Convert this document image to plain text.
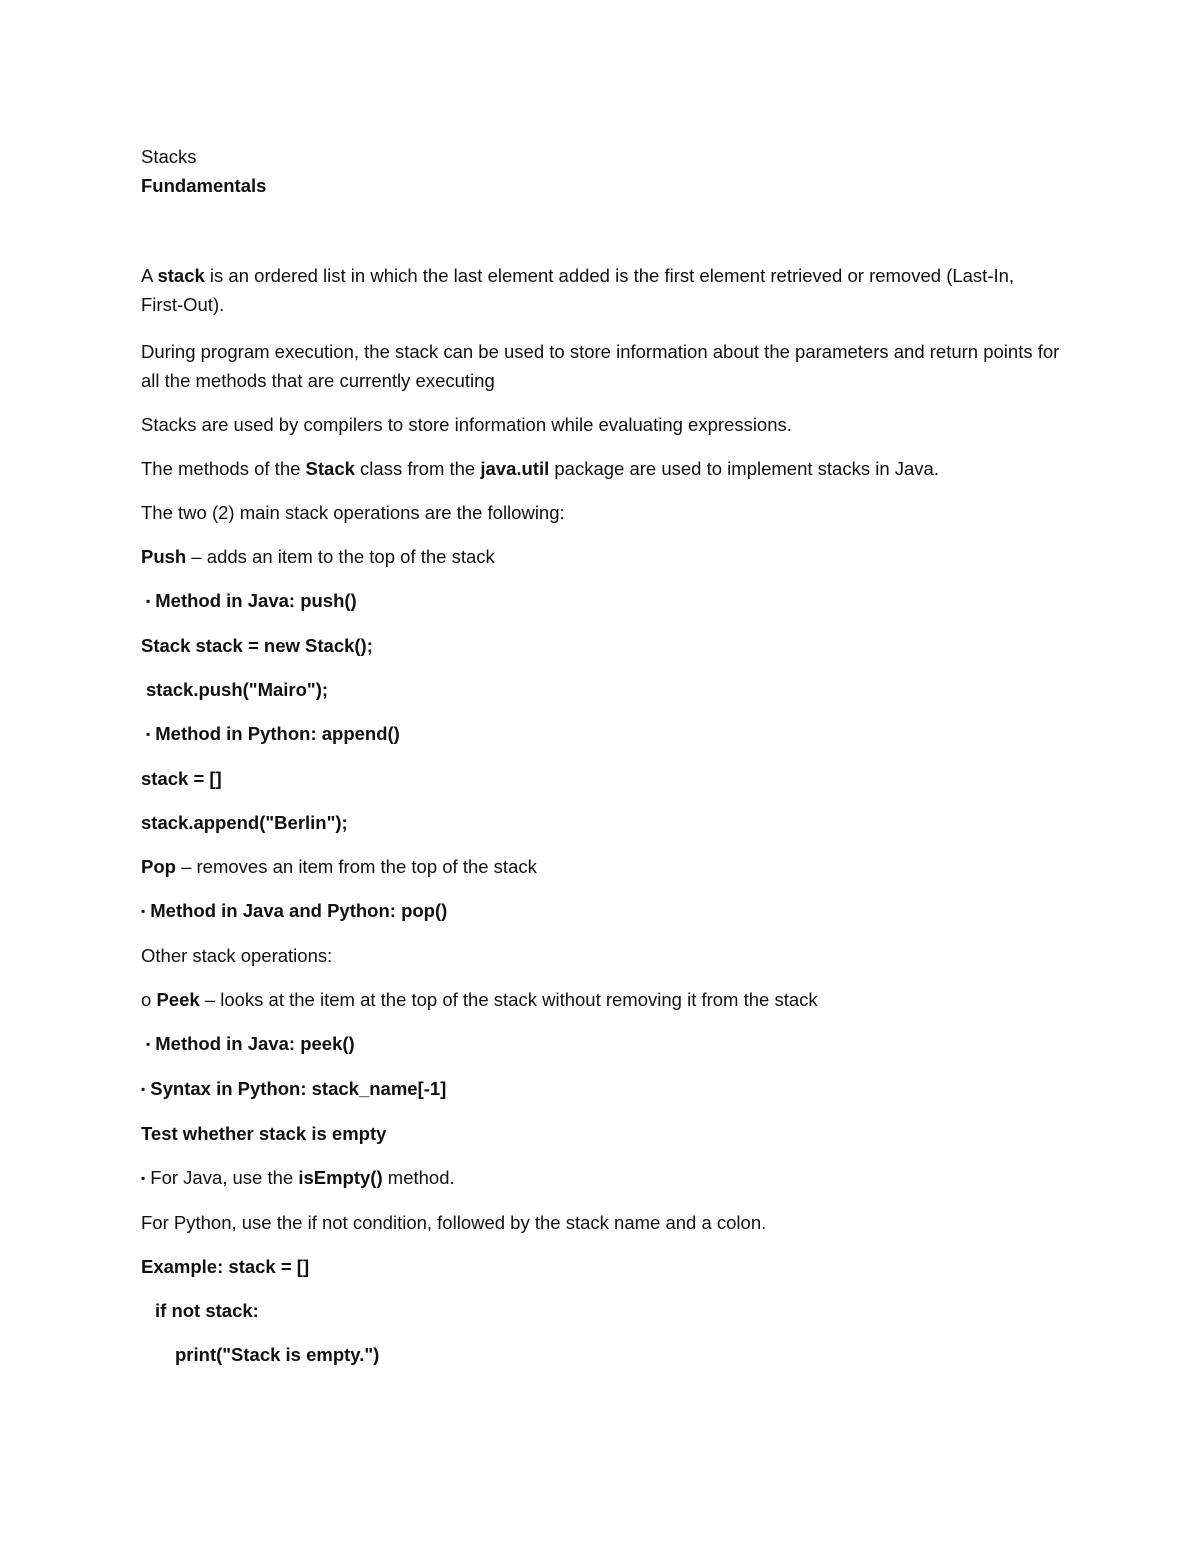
Stacks

Fundamentals

A stack is an ordered list in which the last element added is the first element retrieved or removed (Last-In, First-Out).

During program execution, the stack can be used to store information about the parameters and return points for all the methods that are currently executing

Stacks are used by compilers to store information while evaluating expressions.

The methods of the Stack class from the java.util package are used to implement stacks in Java.

The two (2) main stack operations are the following:

Push – adds an item to the top of the stack

▪ Method in Java: push()

Stack stack = new Stack();

stack.push("Mairo");

▪ Method in Python: append()

stack = []

stack.append("Berlin");

Pop – removes an item from the top of the stack

▪ Method in Java and Python: pop()

Other stack operations:

o Peek – looks at the item at the top of the stack without removing it from the stack

▪ Method in Java: peek()

▪ Syntax in Python: stack_name[-1]

Test whether stack is empty

▪ For Java, use the isEmpty() method.

For Python, use the if not condition, followed by the stack name and a colon.

Example: stack = []

if not stack:

print("Stack is empty.")
